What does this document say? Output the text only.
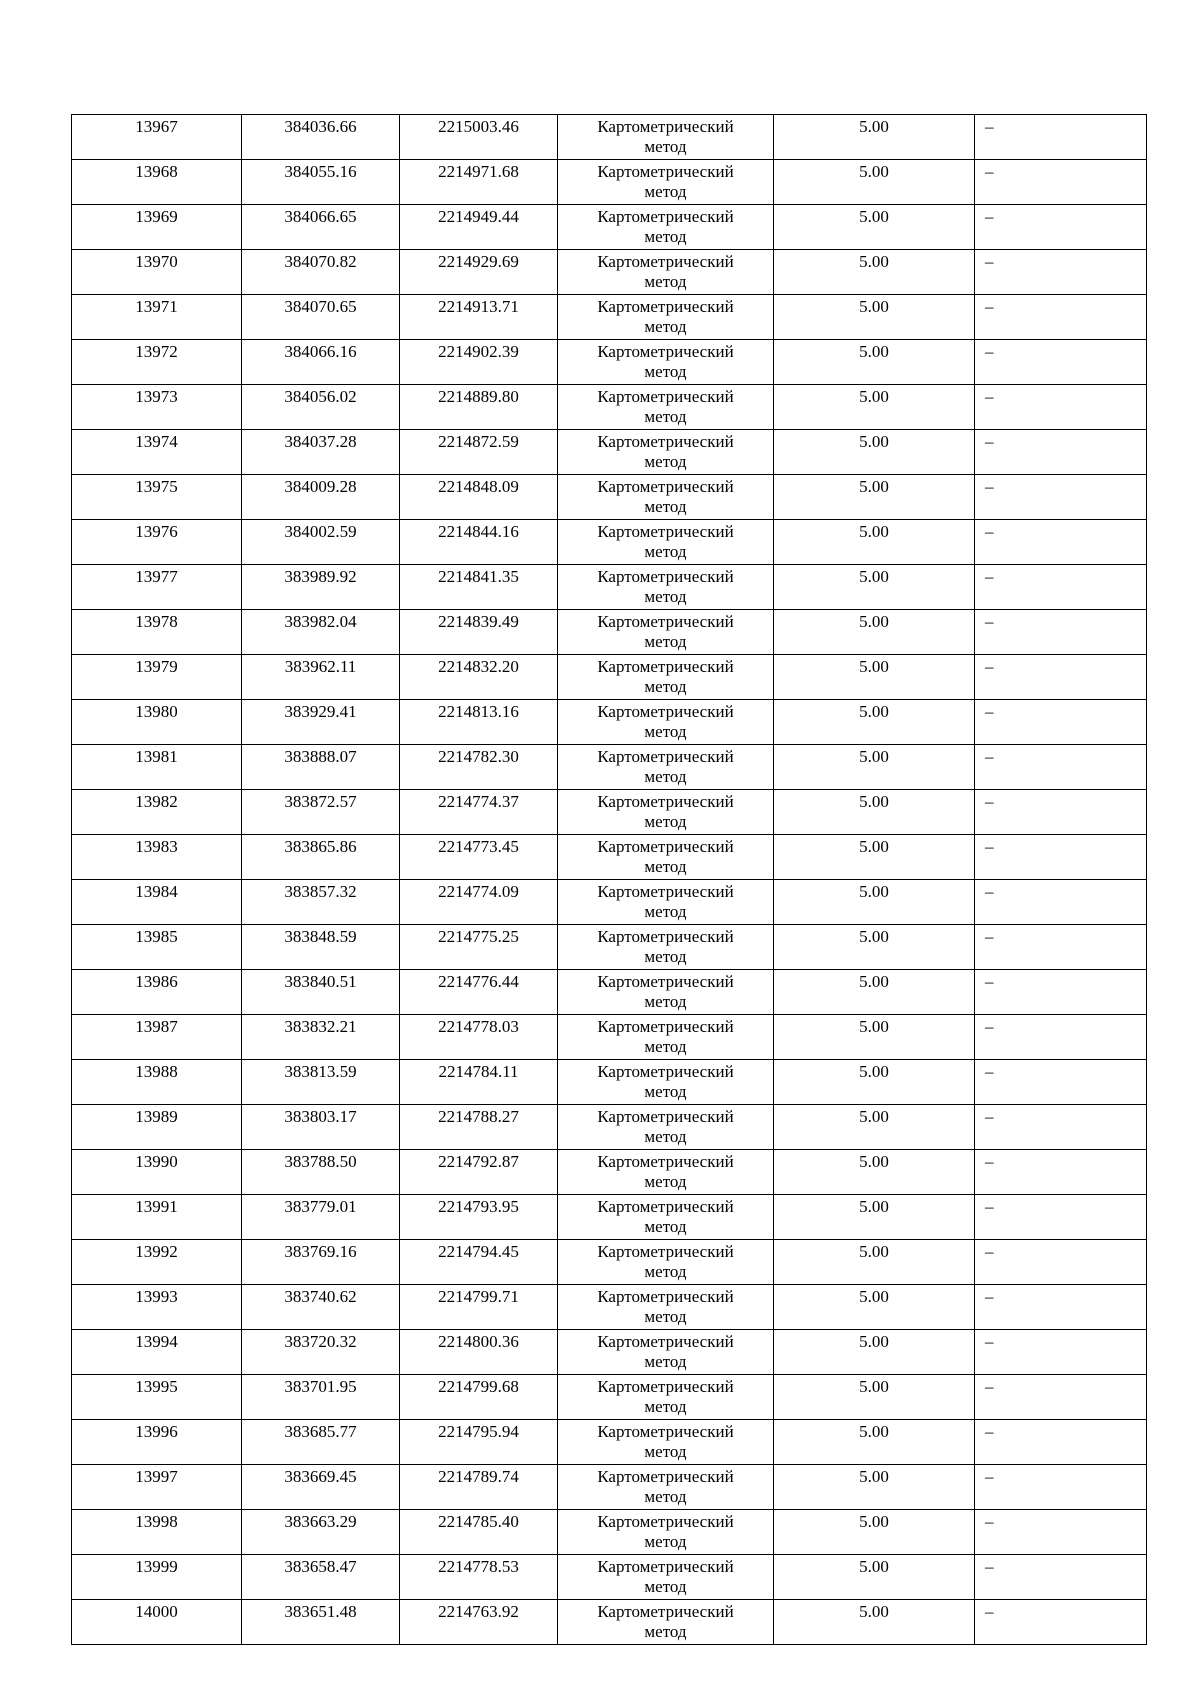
13967	384036.66	2215003.46	Картометрический метод	5.00	–
13968	384055.16	2214971.68	Картометрический метод	5.00	–
13969	384066.65	2214949.44	Картометрический метод	5.00	–
13970	384070.82	2214929.69	Картометрический метод	5.00	–
13971	384070.65	2214913.71	Картометрический метод	5.00	–
13972	384066.16	2214902.39	Картометрический метод	5.00	–
13973	384056.02	2214889.80	Картометрический метод	5.00	–
13974	384037.28	2214872.59	Картометрический метод	5.00	–
13975	384009.28	2214848.09	Картометрический метод	5.00	–
13976	384002.59	2214844.16	Картометрический метод	5.00	–
13977	383989.92	2214841.35	Картометрический метод	5.00	–
13978	383982.04	2214839.49	Картометрический метод	5.00	–
13979	383962.11	2214832.20	Картометрический метод	5.00	–
13980	383929.41	2214813.16	Картометрический метод	5.00	–
13981	383888.07	2214782.30	Картометрический метод	5.00	–
13982	383872.57	2214774.37	Картометрический метод	5.00	–
13983	383865.86	2214773.45	Картометрический метод	5.00	–
13984	383857.32	2214774.09	Картометрический метод	5.00	–
13985	383848.59	2214775.25	Картометрический метод	5.00	–
13986	383840.51	2214776.44	Картометрический метод	5.00	–
13987	383832.21	2214778.03	Картометрический метод	5.00	–
13988	383813.59	2214784.11	Картометрический метод	5.00	–
13989	383803.17	2214788.27	Картометрический метод	5.00	–
13990	383788.50	2214792.87	Картометрический метод	5.00	–
13991	383779.01	2214793.95	Картометрический метод	5.00	–
13992	383769.16	2214794.45	Картометрический метод	5.00	–
13993	383740.62	2214799.71	Картометрический метод	5.00	–
13994	383720.32	2214800.36	Картометрический метод	5.00	–
13995	383701.95	2214799.68	Картометрический метод	5.00	–
13996	383685.77	2214795.94	Картометрический метод	5.00	–
13997	383669.45	2214789.74	Картометрический метод	5.00	–
13998	383663.29	2214785.40	Картометрический метод	5.00	–
13999	383658.47	2214778.53	Картометрический метод	5.00	–
14000	383651.48	2214763.92	Картометрический метод	5.00	–
